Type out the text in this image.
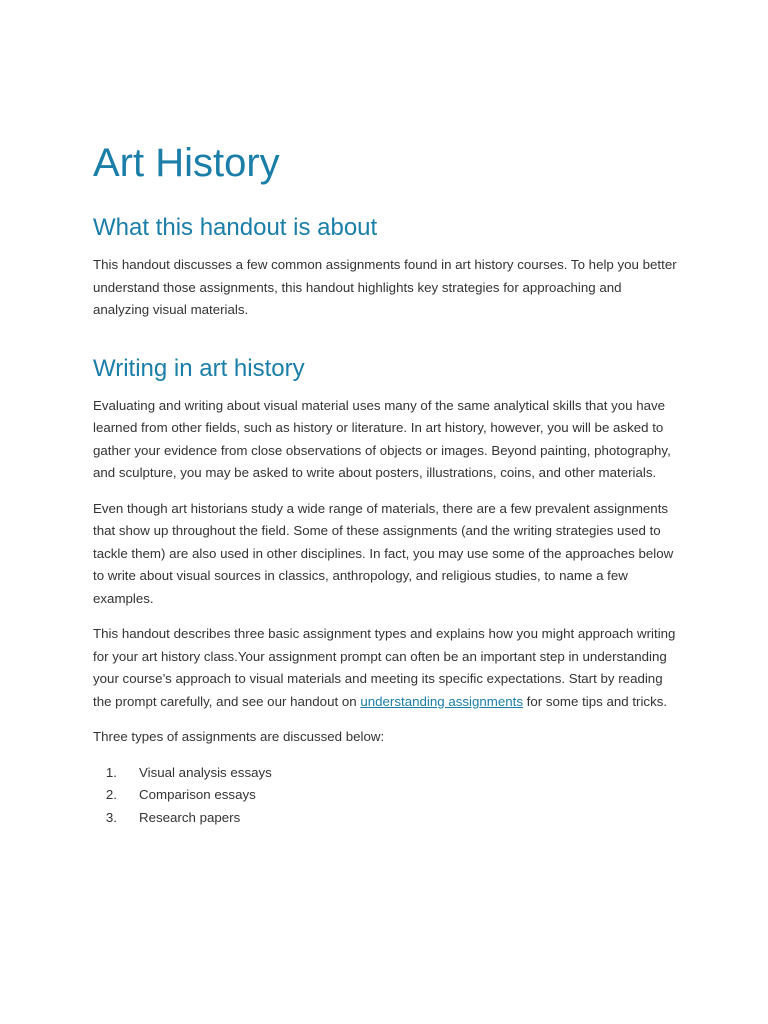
Art History
What this handout is about

This handout discusses a few common assignments found in art history courses. To help you better understand those assignments, this handout highlights key strategies for approaching and analyzing visual materials.

Writing in art history

Evaluating and writing about visual material uses many of the same analytical skills that you have learned from other fields, such as history or literature. In art history, however, you will be asked to gather your evidence from close observations of objects or images. Beyond painting, photography, and sculpture, you may be asked to write about posters, illustrations, coins, and other materials.

Even though art historians study a wide range of materials, there are a few prevalent assignments that show up throughout the field. Some of these assignments (and the writing strategies used to tackle them) are also used in other disciplines. In fact, you may use some of the approaches below to write about visual sources in classics, anthropology, and religious studies, to name a few examples.

This handout describes three basic assignment types and explains how you might approach writing for your art history class.Your assignment prompt can often be an important step in understanding your course’s approach to visual materials and meeting its specific expectations. Start by reading the prompt carefully, and see our handout on understanding assignments for some tips and tricks.

Three types of assignments are discussed below:

1. Visual analysis essays
2. Comparison essays
3. Research papers
